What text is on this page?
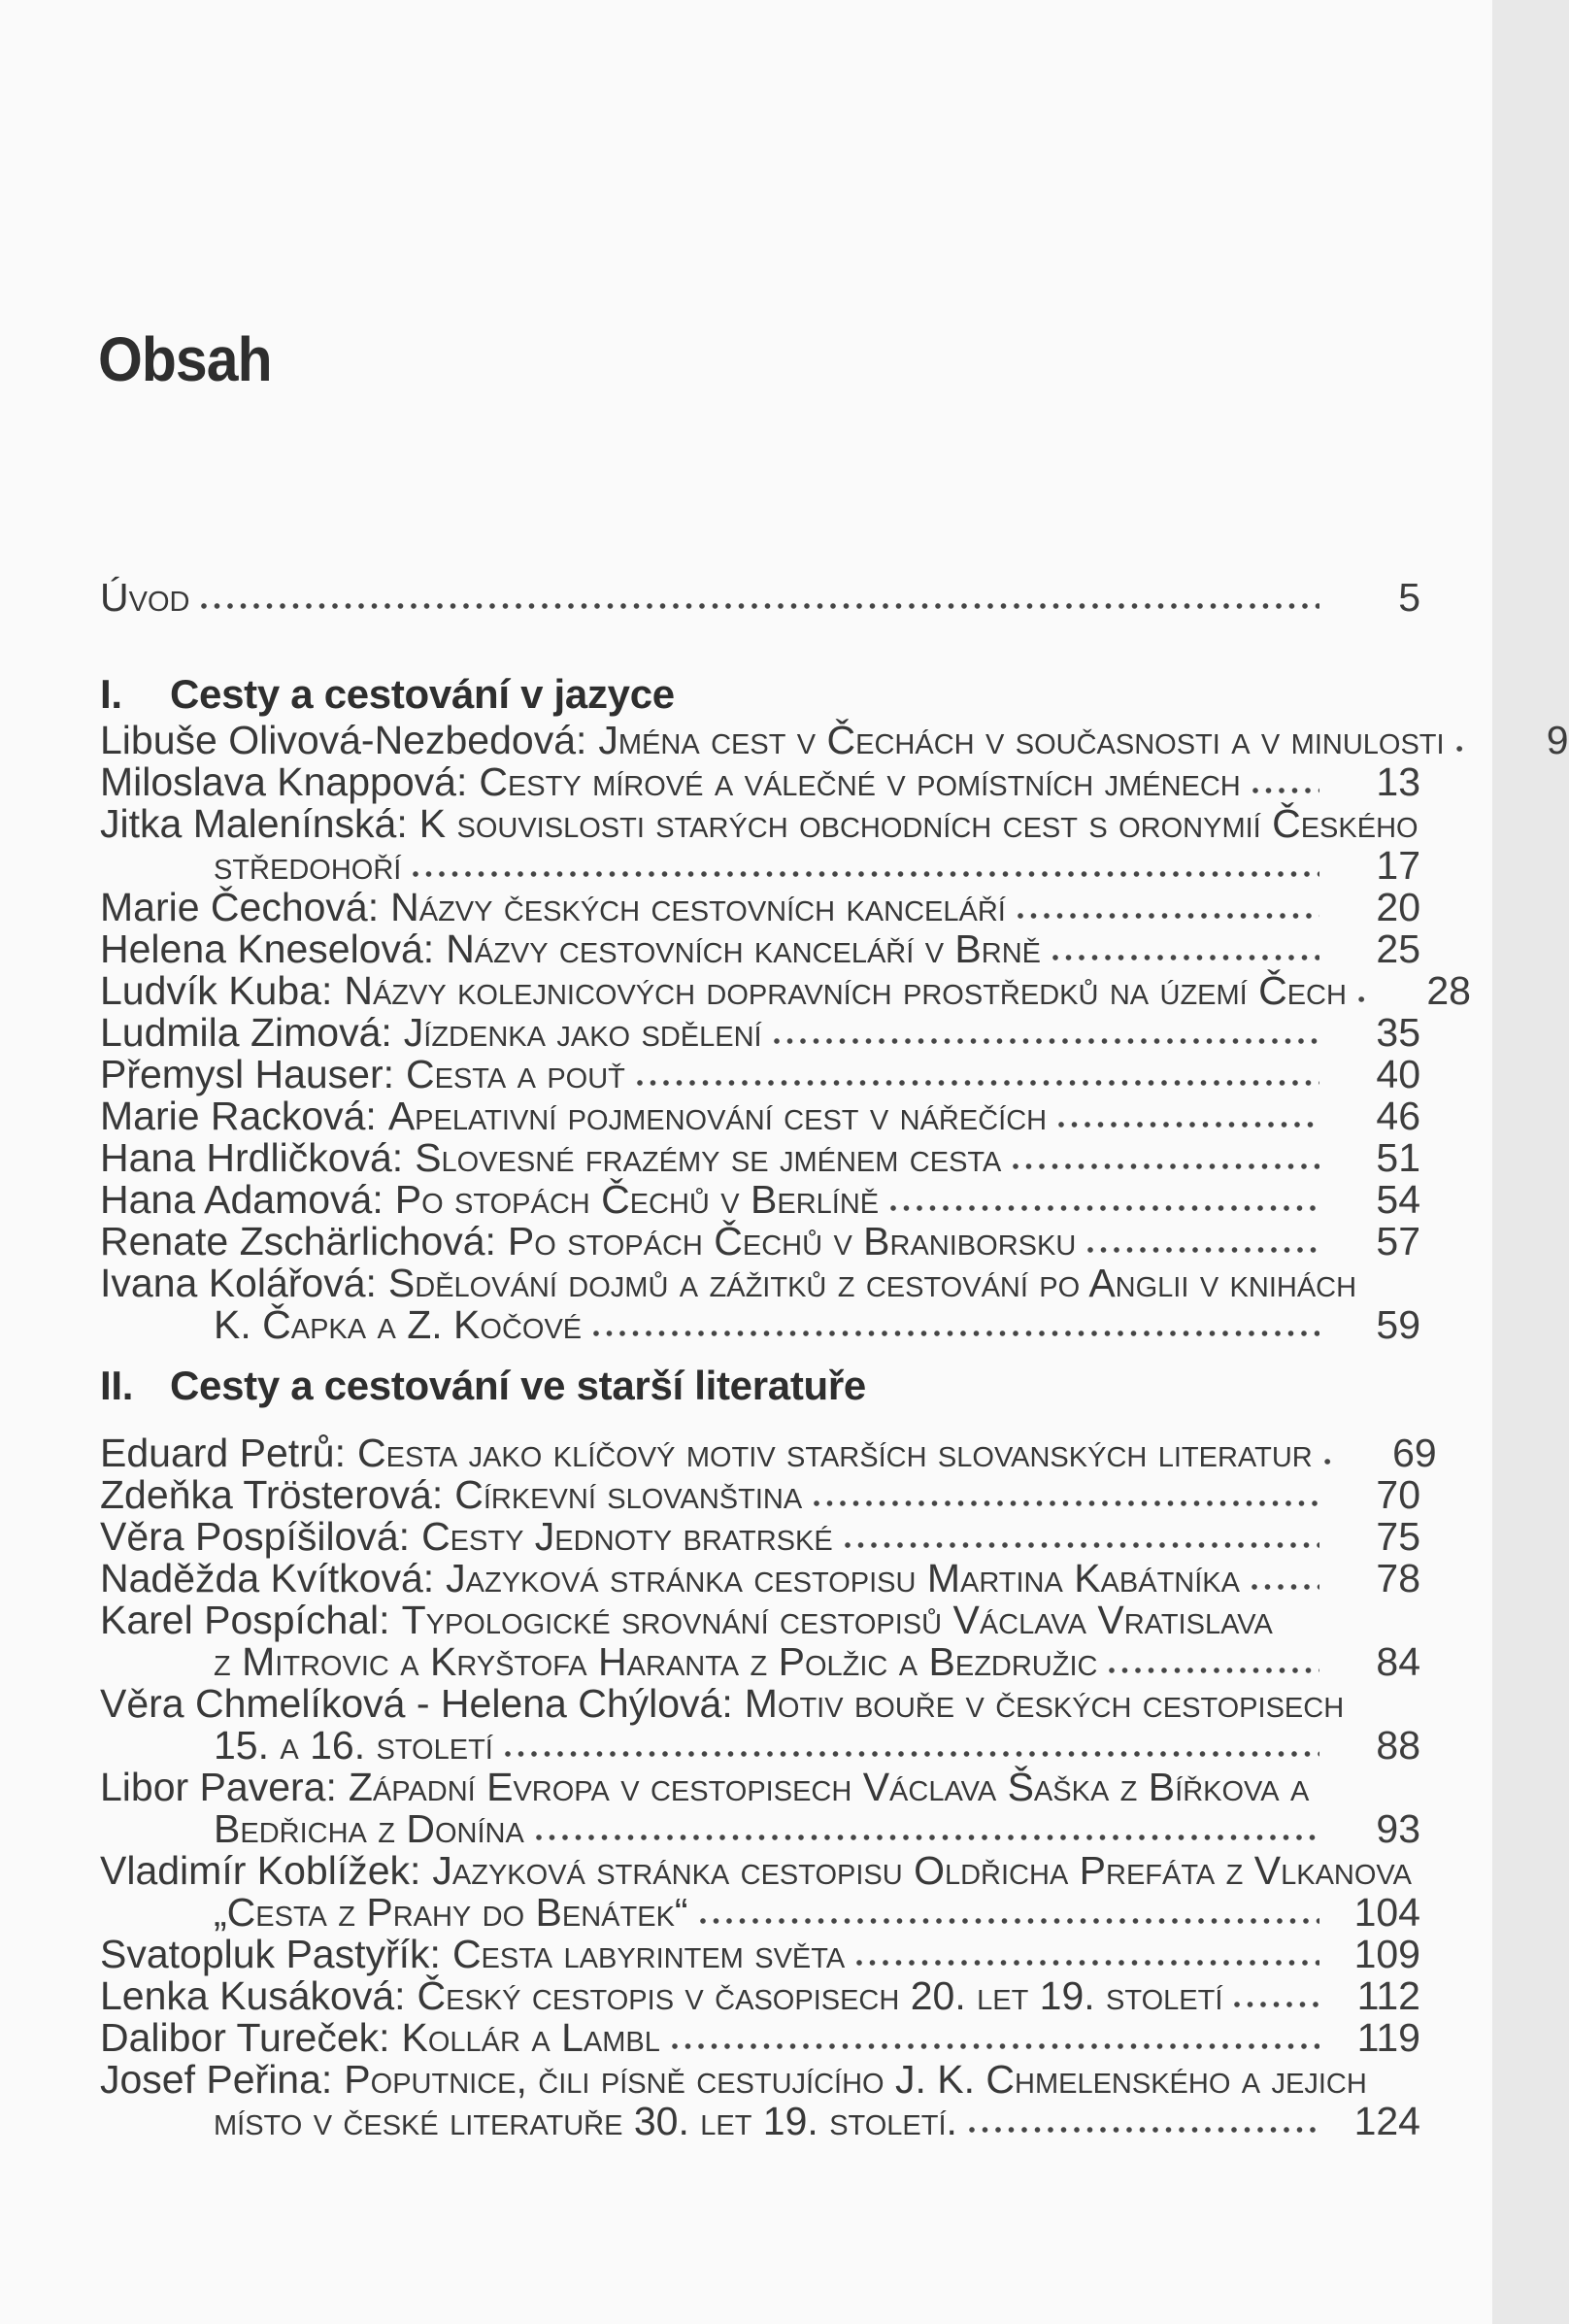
Obsah
Úvod	5
I.	Cesty a cestování v jazyce
Libuše Olivová-Nezbedová: Jména cest v Čechách v současnosti a v minulosti	9
Miloslava Knappová: Cesty mírové a válečné v pomístních jménech	13
Jitka Malenínská: K souvislosti starých obchodních cest s oronymií Českého
středohoří	17
Marie Čechová: Názvy českých cestovních kanceláří	20
Helena Kneselová: Názvy cestovních kanceláří v Brně	25
Ludvík Kuba: Názvy kolejnicových dopravních prostředků na území Čech	28
Ludmila Zimová: Jízdenka jako sdělení	35
Přemysl Hauser: Cesta a pouť	40
Marie Racková: Apelativní pojmenování cest v nářečích	46
Hana Hrdličková: Slovesné frazémy se jménem cesta	51
Hana Adamová: Po stopách Čechů v Berlíně	54
Renate Zschärlichová: Po stopách Čechů v Braniborsku	57
Ivana Kolářová: Sdělování dojmů a zážitků z cestování po Anglii v knihách
K. Čapka a Z. Kočové	59
II. Cesty a cestování ve starší literatuře
Eduard Petrů: Cesta jako klíčový motiv starších slovanských literatur	69
Zdeňka Trösterová: Církevní slovanština	70
Věra Pospíšilová: Cesty Jednoty bratrské	75
Naděžda Kvítková: Jazyková stránka cestopisu Martina Kabátníka	78
Karel Pospíchal: Typologické srovnání cestopisů Václava Vratislava
z Mitrovic a Kryštofa Haranta z Polžic a Bezdružic	84
Věra Chmelíková - Helena Chýlová: Motiv bouře v českých cestopisech
15. a 16. století	88
Libor Pavera: Západní Evropa v cestopisech Václava Šaška z Bířkova a
Bedřicha z Donína	93
Vladimír Koblížek: Jazyková stránka cestopisu Oldřicha Prefáta z Vlkanova
„Cesta z Prahy do Benátek“	104
Svatopluk Pastyřík: Cesta labyrintem světa	109
Lenka Kusáková: Český cestopis v časopisech 20. let 19. století	112
Dalibor Tureček: Kollár a Lambl	119
Josef Peřina: Poputnice, čili písně cestujícího J. K. Chmelenského a jejich
místo v české literatuře 30. let 19. století.	124
